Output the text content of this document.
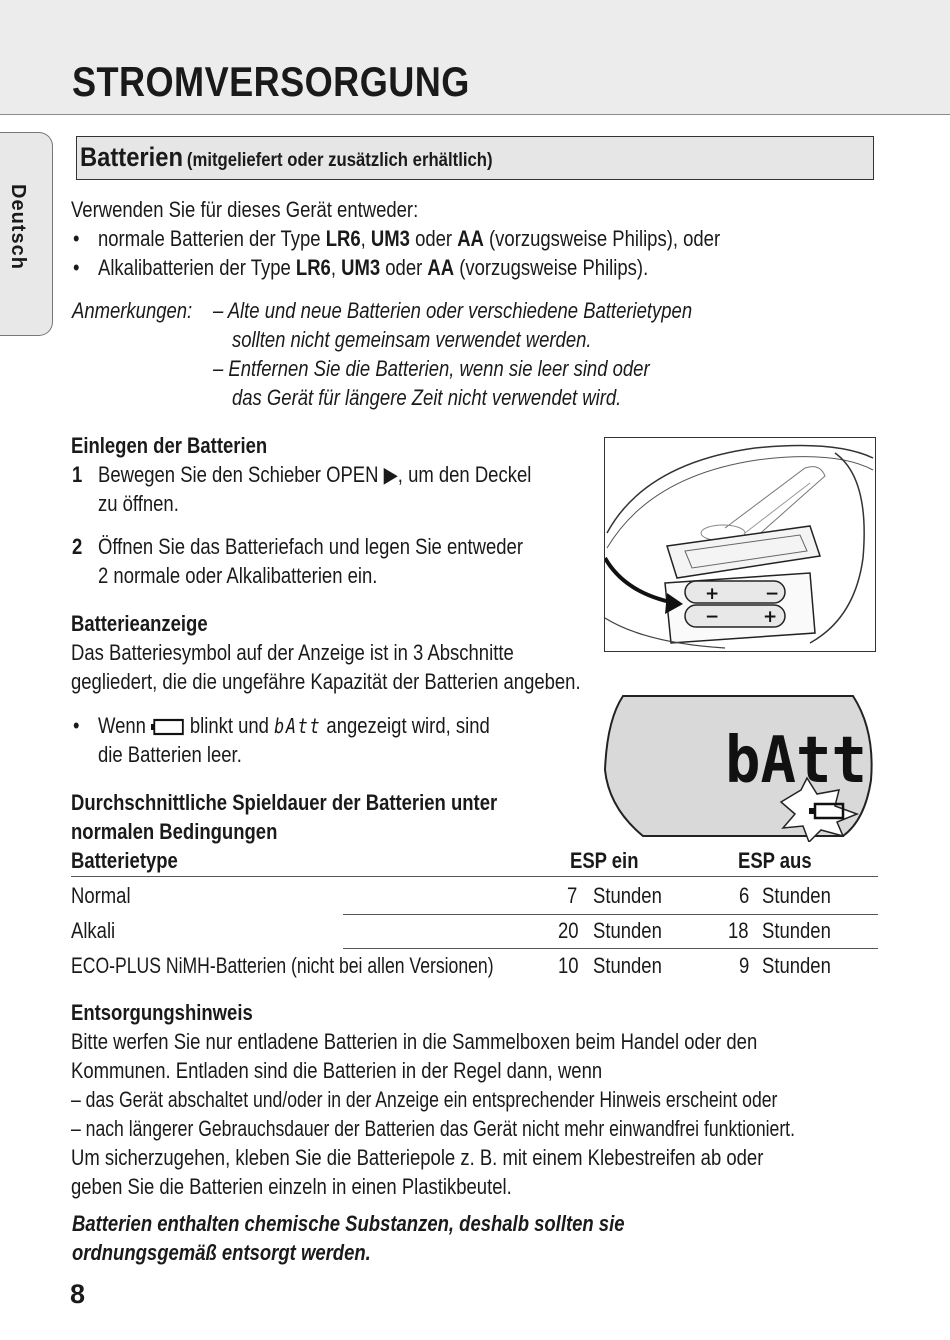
STROMVERSORGUNG
Deutsch
Batterien (mitgeliefert oder zusätzlich erhältlich)
Verwenden Sie für dieses Gerät entweder:
• normale Batterien der Type LR6, UM3 oder AA (vorzugsweise Philips), oder
• Alkalibatterien der Type LR6, UM3 oder AA (vorzugsweise Philips).
Anmerkungen: – Alte und neue Batterien oder verschiedene Batterietypen
sollten nicht gemeinsam verwendet werden.
– Entfernen Sie die Batterien, wenn sie leer sind oder
das Gerät für längere Zeit nicht verwendet wird.
Einlegen der Batterien
1 Bewegen Sie den Schieber OPEN ▶, um den Deckel
zu öffnen.
2 Öffnen Sie das Batteriefach und legen Sie entweder
2 normale oder Alkalibatterien ein.
+	−
−	+
Batterieanzeige
Das Batteriesymbol auf der Anzeige ist in 3 Abschnitte
gegliedert, die die ungefähre Kapazität der Batterien angeben.
• Wenn blinkt und bAtt angezeigt wird, sind
die Batterien leer.	bAtt
Durchschnittliche Spieldauer der Batterien unter
normalen Bedingungen
Batterietype	ESP ein	ESP aus
Normal	7 Stunden	6 Stunden
Alkali	20 Stunden	18 Stunden
ECO-PLUS NiMH-Batterien (nicht bei allen Versionen)	10 Stunden	9 Stunden
Entsorgungshinweis
Bitte werfen Sie nur entladene Batterien in die Sammelboxen beim Handel oder den
Kommunen. Entladen sind die Batterien in der Regel dann, wenn
– das Gerät abschaltet und/oder in der Anzeige ein entsprechender Hinweis erscheint oder
– nach längerer Gebrauchsdauer der Batterien das Gerät nicht mehr einwandfrei funktioniert.
Um sicherzugehen, kleben Sie die Batteriepole z. B. mit einem Klebestreifen ab oder
geben Sie die Batterien einzeln in einen Plastikbeutel.
Batterien enthalten chemische Substanzen, deshalb sollten sie
ordnungsgemäß entsorgt werden.
8
